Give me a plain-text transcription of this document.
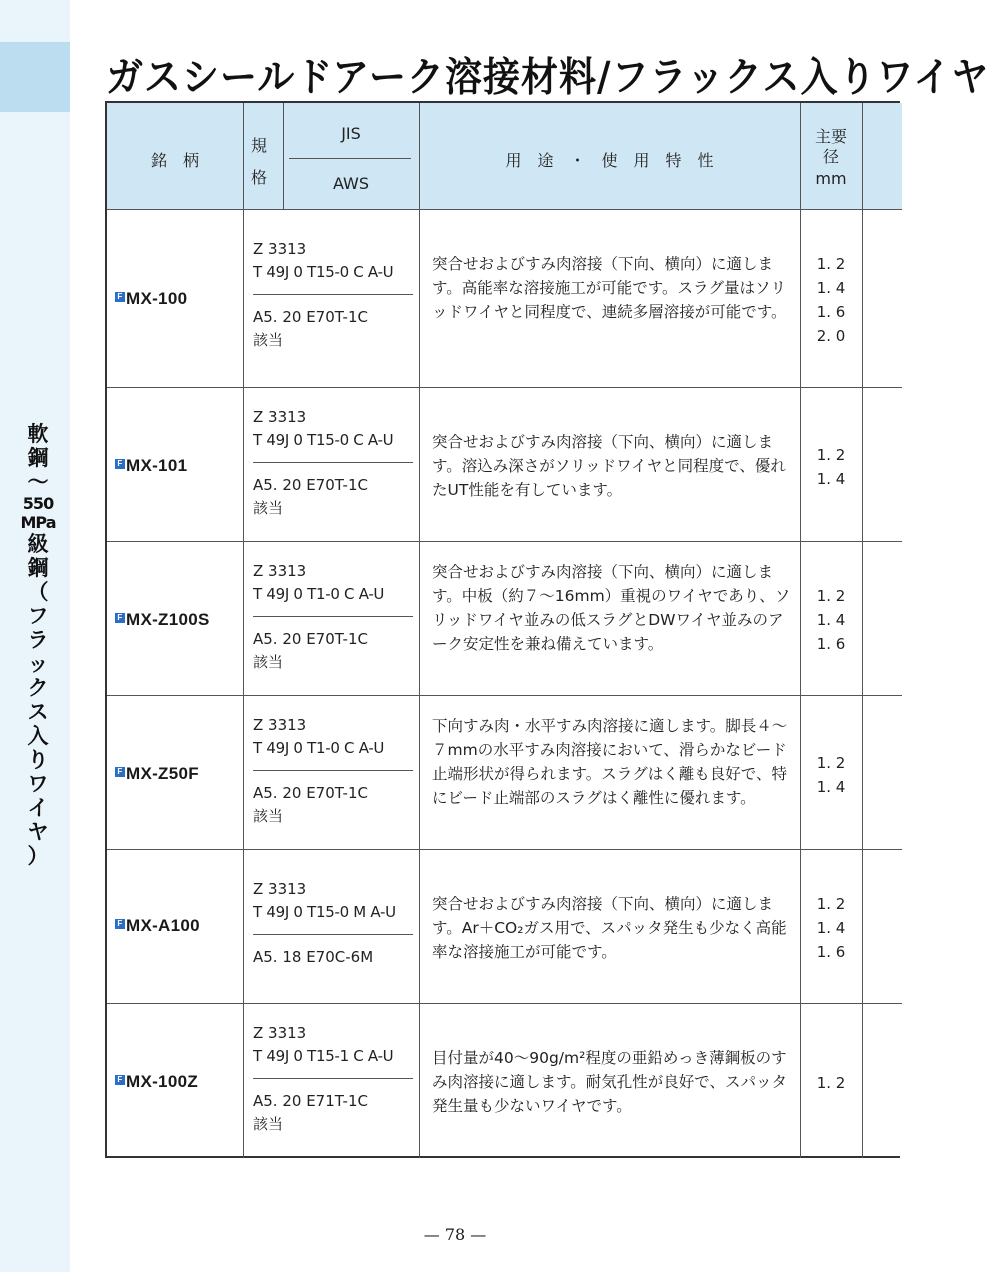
軟
鋼
〜
550
MPa
級
鋼
（
フ
ラ
ッ
ク
ス
入
り
ワ
イ
ヤ
）
ガスシールドアーク溶接材料/フラックス入りワイヤ
銘　柄
規
格
JIS
AWS
用　途　・　使　用　特　性
主要
径
mm
F MX-100
Z 3313
T 49J 0 T15-0 C A-U
A5. 20 E70T-1C
該当
突合せおよびすみ肉溶接（下向、横向）に適します。高能率な溶接施工が可能です。スラグ量はソリッドワイヤと同程度で、連続多層溶接が可能です。
1. 2
1. 4
1. 6
2. 0
F MX-101
Z 3313
T 49J 0 T15-0 C A-U
A5. 20 E70T-1C
該当
突合せおよびすみ肉溶接（下向、横向）に適します。溶込み深さがソリッドワイヤと同程度で、優れたUT性能を有しています。
1. 2
1. 4
F MX-Z100S
Z 3313
T 49J 0 T1-0 C A-U
A5. 20 E70T-1C
該当
突合せおよびすみ肉溶接（下向、横向）に適します。中板（約７〜16mm）重視のワイヤであり、ソリッドワイヤ並みの低スラグとDWワイヤ並みのアーク安定性を兼ね備えています。
1. 2
1. 4
1. 6
F MX-Z50F
Z 3313
T 49J 0 T1-0 C A-U
A5. 20 E70T-1C
該当
下向すみ肉・水平すみ肉溶接に適します。脚長４〜７mmの水平すみ肉溶接において、滑らかなビード止端形状が得られます。スラグはく離も良好で、特にビード止端部のスラグはく離性に優れます。
1. 2
1. 4
F MX-A100
Z 3313
T 49J 0 T15-0 M A-U
A5. 18 E70C-6M
突合せおよびすみ肉溶接（下向、横向）に適します。Ar＋CO₂ガス用で、スパッタ発生も少なく高能率な溶接施工が可能です。
1. 2
1. 4
1. 6
F MX-100Z
Z 3313
T 49J 0 T15-1 C A-U
A5. 20 E71T-1C
該当
目付量が40〜90g/m²程度の亜鉛めっき薄鋼板のすみ肉溶接に適します。耐気孔性が良好で、スパッタ発生量も少ないワイヤです。
1. 2
— 78 —
